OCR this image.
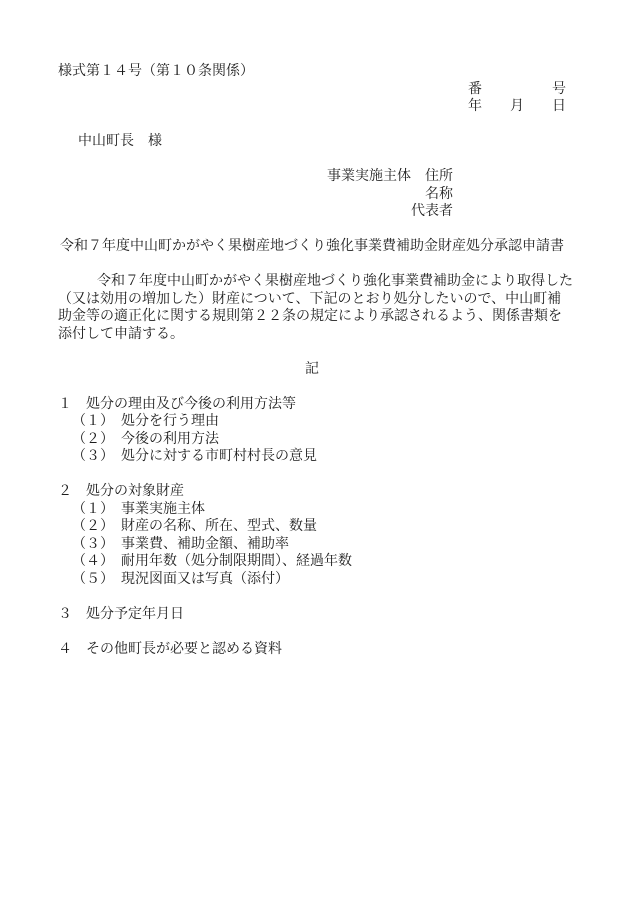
様式第１４号（第１０条関係）
番　　　　　号
年　　月　　日
中山町長　様
事業実施主体　住所
名称
代表者
令和７年度中山町かがやく果樹産地づくり強化事業費補助金財産処分承認申請書
令和７年度中山町かがやく果樹産地づくり強化事業費補助金により取得した
（又は効用の増加した）財産について、下記のとおり処分したいので、中山町補
助金等の適正化に関する規則第２２条の規定により承認されるよう、関係書類を
添付して申請する。
記
１　処分の理由及び今後の利用方法等
（１）　処分を行う理由
（２）　今後の利用方法
（３）　処分に対する市町村村長の意見
２　処分の対象財産
（１）　事業実施主体
（２）　財産の名称、所在、型式、数量
（３）　事業費、補助金額、補助率
（４）　耐用年数（処分制限期間）、経過年数
（５）　現況図面又は写真（添付）
３　処分予定年月日
４　その他町長が必要と認める資料
